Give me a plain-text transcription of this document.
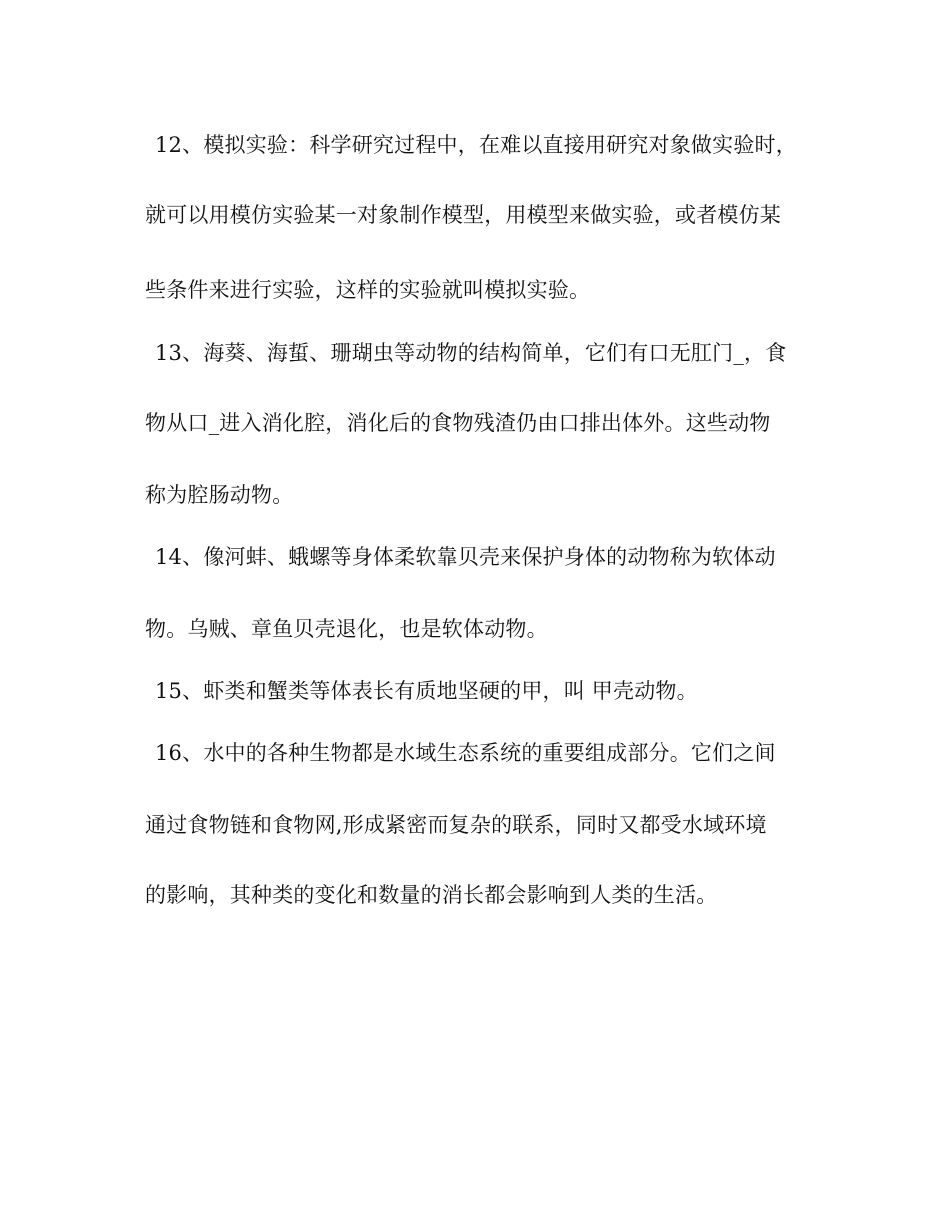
12、模拟实验：科学研究过程中，在难以直接用研究对象做实验时，
就可以用模仿实验某一对象制作模型，用模型来做实验，或者模仿某
些条件来进行实验，这样的实验就叫模拟实验。
13、海葵、海蜇、珊瑚虫等动物的结构简单，它们有口无肛门_，食
物从口_进入消化腔，消化后的食物残渣仍由口排出体外。这些动物
称为腔肠动物。
14、像河蚌、蛾螺等身体柔软靠贝壳来保护身体的动物称为软体动
物。乌贼、章鱼贝壳退化，也是软体动物。
15、虾类和蟹类等体表长有质地坚硬的甲，叫 甲壳动物。
16、水中的各种生物都是水域生态系统的重要组成部分。它们之间
通过食物链和食物网,形成紧密而复杂的联系，同时又都受水域环境
的影响，其种类的变化和数量的消长都会影响到人类的生活。
